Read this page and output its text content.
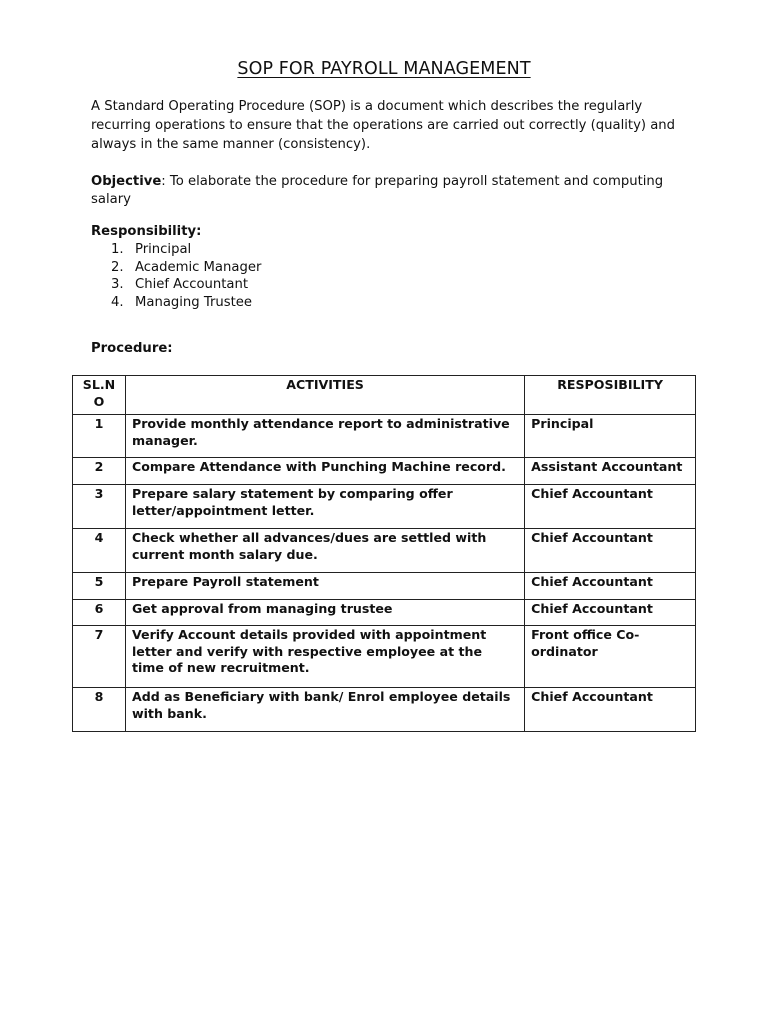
SOP FOR PAYROLL MANAGEMENT

A Standard Operating Procedure (SOP) is a document which describes the regularly recurring operations to ensure that the operations are carried out correctly (quality) and always in the same manner (consistency).

Objective: To elaborate the procedure for preparing payroll statement and computing salary

Responsibility:

1. Principal
2. Academic Manager
3. Chief Accountant
4. Managing Trustee

Procedure:

SL.N O	ACTIVITIES	RESPOSIBILITY
1	Provide monthly attendance report to administrative manager.	Principal
2	Compare Attendance with Punching Machine record.	Assistant Accountant
3	Prepare salary statement by comparing offer letter/appointment letter.	Chief Accountant
4	Check whether all advances/dues are settled with current month salary due.	Chief Accountant
5	Prepare Payroll statement	Chief Accountant
6	Get approval from managing trustee	Chief Accountant
7	Verify Account details provided with appointment letter and verify with respective employee at the time of new recruitment.	Front office Co-ordinator
8	Add as Beneficiary with bank/ Enrol employee details with bank.	Chief Accountant
